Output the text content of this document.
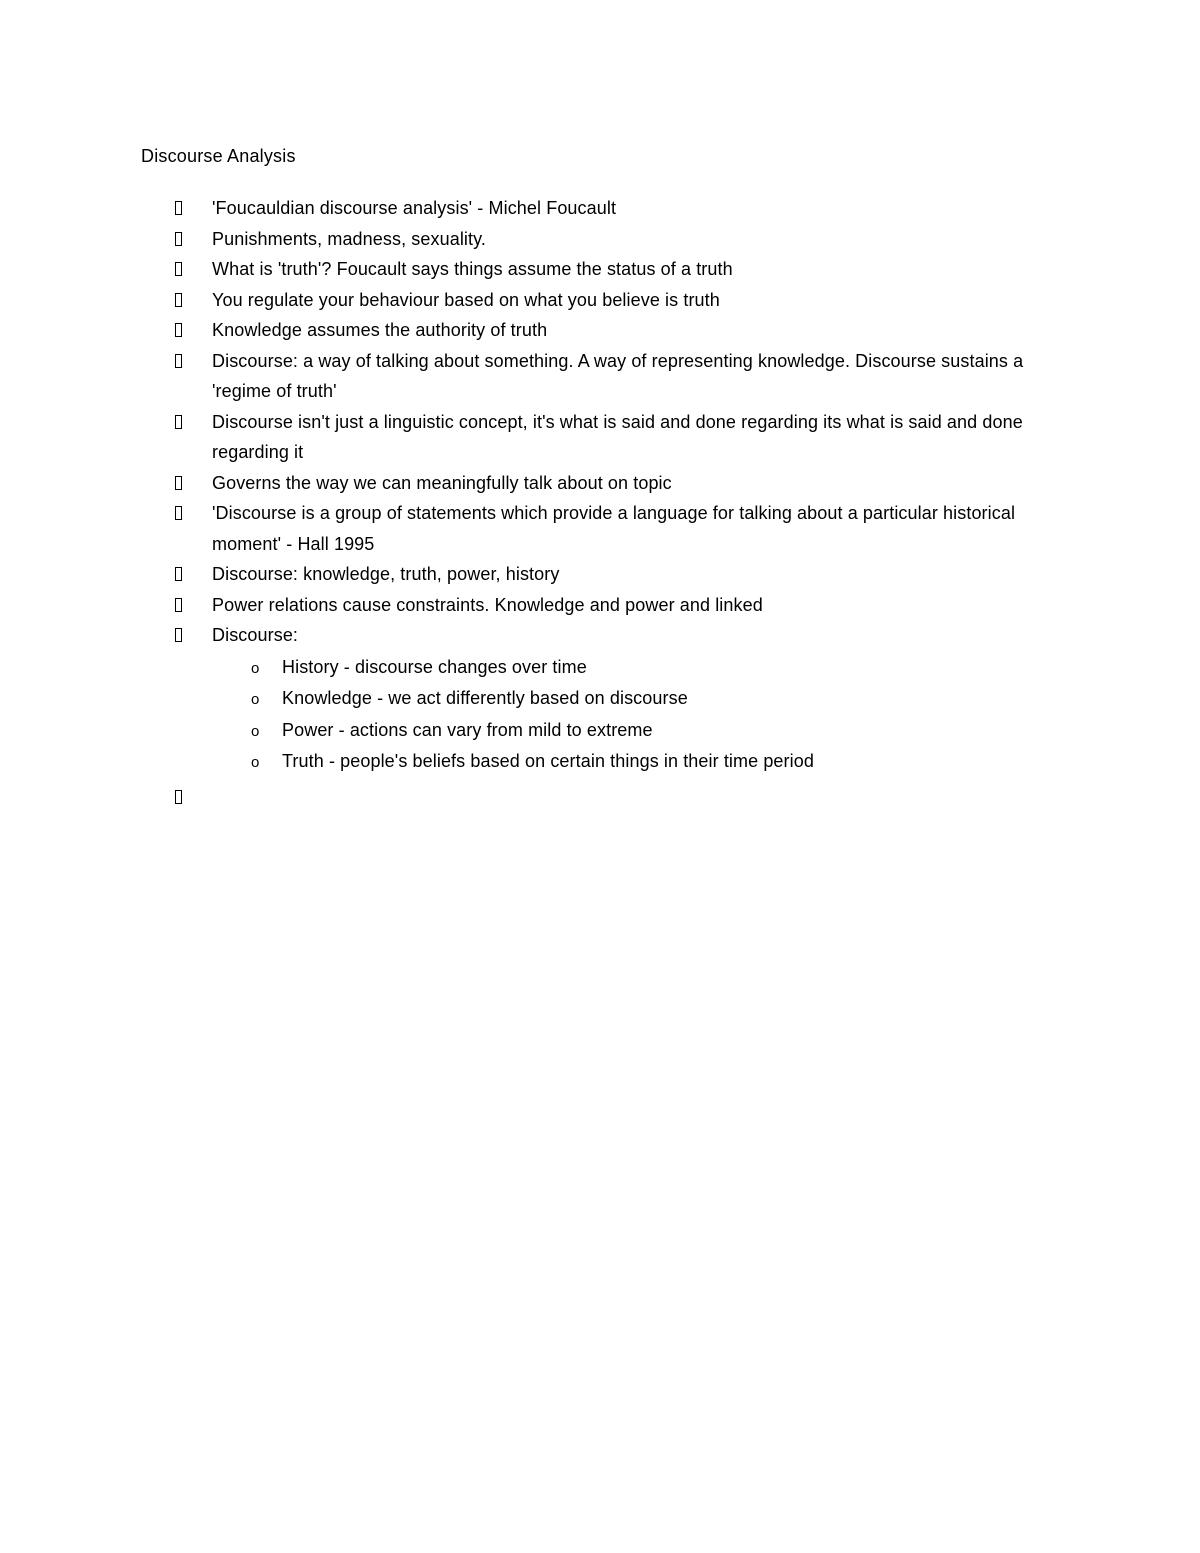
Discourse Analysis
'Foucauldian discourse analysis' - Michel Foucault
Punishments, madness, sexuality.
What is 'truth'? Foucault says things assume the status of a truth
You regulate your behaviour based on what you believe is truth
Knowledge assumes the authority of truth
Discourse: a way of talking about something. A way of representing knowledge. Discourse sustains a 'regime of truth'
Discourse isn't just a linguistic concept, it's what is said and done regarding its what is said and done regarding it
Governs the way we can meaningfully talk about on topic
'Discourse is a group of statements which provide a language for talking about a particular historical moment' - Hall 1995
Discourse: knowledge, truth, power, history
Power relations cause constraints. Knowledge and power and linked
Discourse:
o History - discourse changes over time
o Knowledge - we act differently based on discourse
o Power - actions can vary from mild to extreme
o Truth - people's beliefs based on certain things in their time period
